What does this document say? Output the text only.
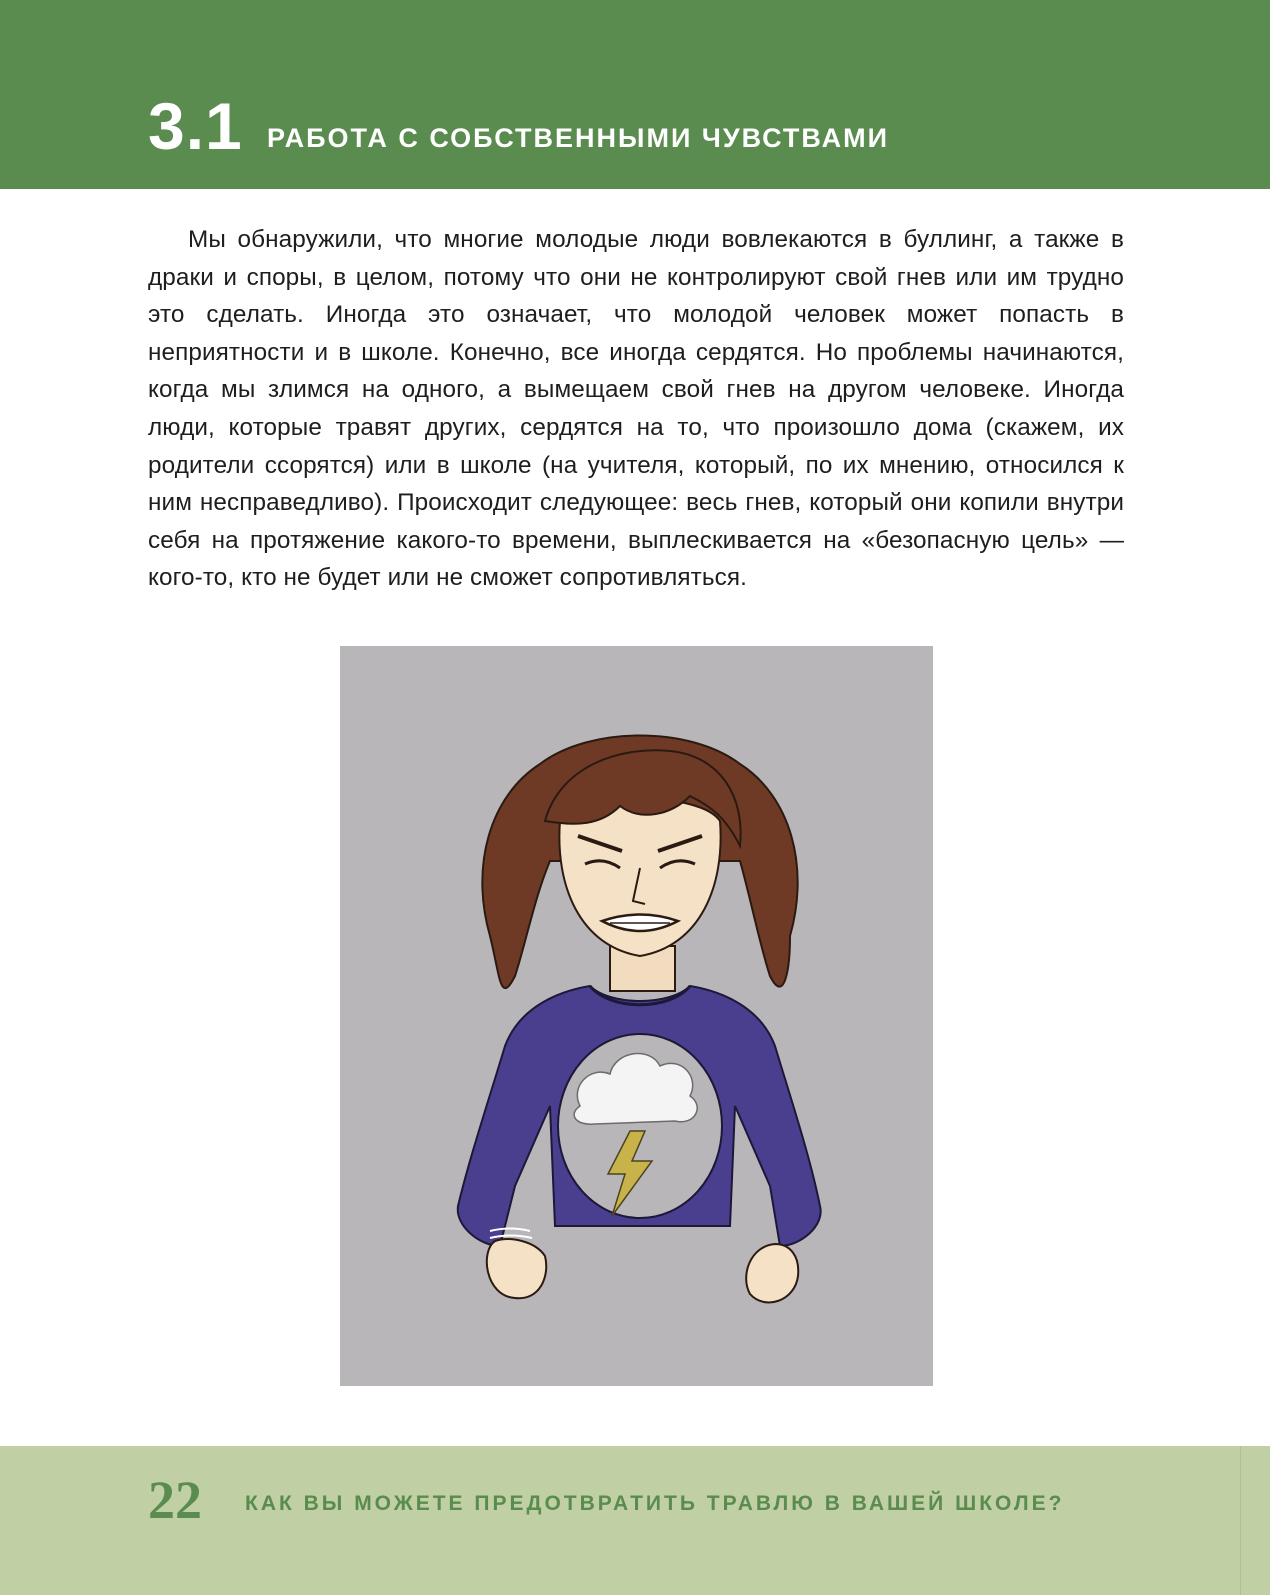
3.1 РАБОТА С СОБСТВЕННЫМИ ЧУВСТВАМИ

Мы обнаружили, что многие молодые люди вовлекаются в буллинг, а также в драки и споры, в целом, потому что они не контролируют свой гнев или им трудно это сделать. Иногда это означает, что молодой человек может попасть в неприятности и в школе. Конечно, все иногда сердятся. Но проблемы начинаются, когда мы злимся на одного, а вымещаем свой гнев на другом человеке. Иногда люди, которые травят других, сердятся на то, что произошло дома (скажем, их родители ссорятся) или в школе (на учителя, который, по их мнению, относился к ним несправедливо). Происходит следующее: весь гнев, который они копили внутри себя на протяжение какого-то времени, выплескивается на «безопасную цель» — кого-то, кто не будет или не сможет сопротивляться.

22 КАК ВЫ МОЖЕТЕ ПРЕДОТВРАТИТЬ ТРАВЛЮ В ВАШЕЙ ШКОЛЕ?
